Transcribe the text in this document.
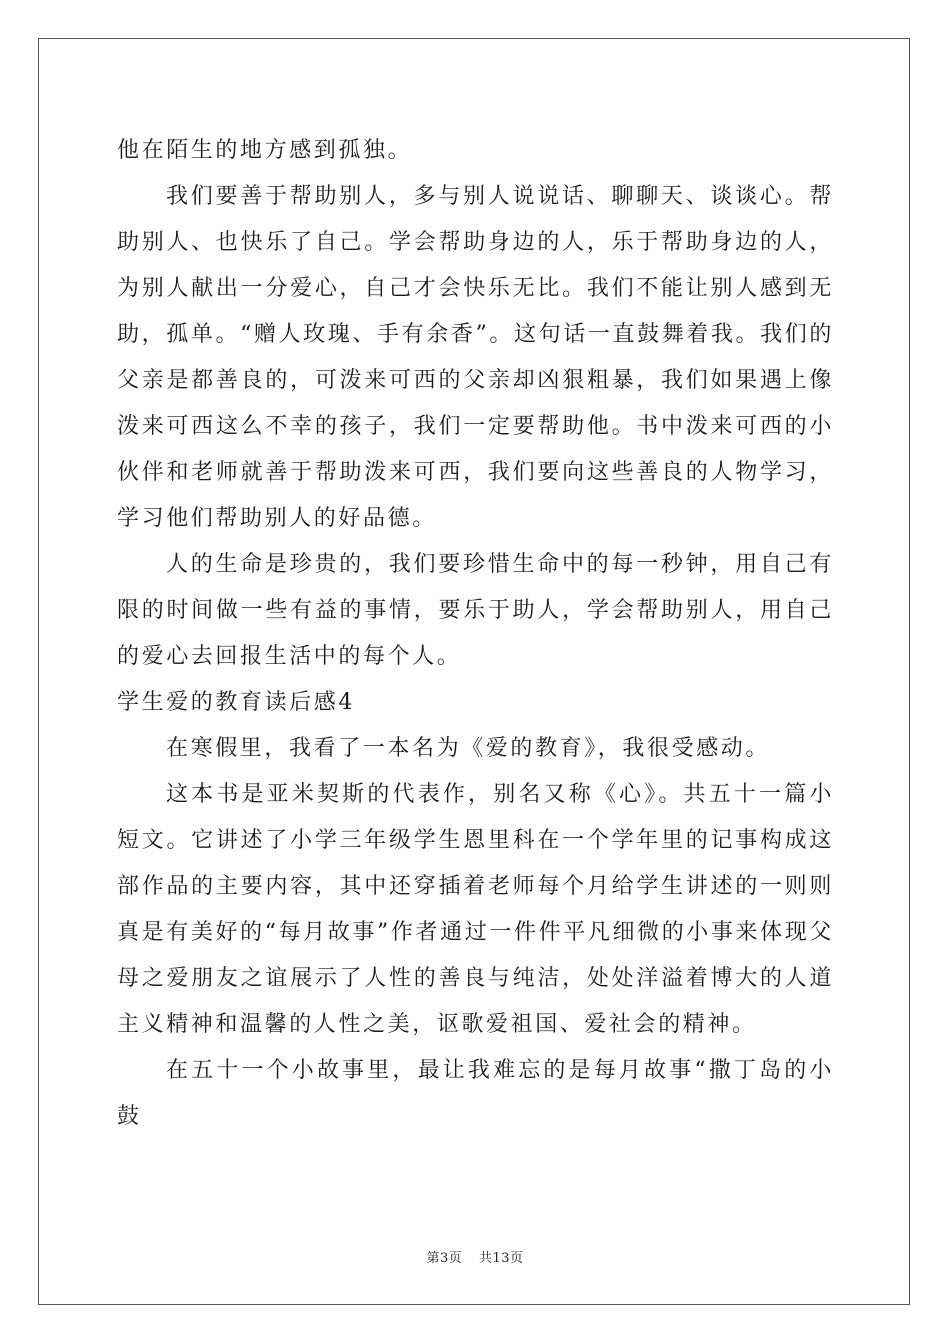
他在陌生的地方感到孤独。

我们要善于帮助别人，多与别人说说话、聊聊天、谈谈心。帮助别人、也快乐了自己。学会帮助身边的人，乐于帮助身边的人，为别人献出一分爱心，自己才会快乐无比。我们不能让别人感到无助，孤单。“赠人玫瑰、手有余香”。这句话一直鼓舞着我。我们的父亲是都善良的，可泼来可西的父亲却凶狠粗暴，我们如果遇上像泼来可西这么不幸的孩子，我们一定要帮助他。书中泼来可西的小伙伴和老师就善于帮助泼来可西，我们要向这些善良的人物学习，学习他们帮助别人的好品德。

人的生命是珍贵的，我们要珍惜生命中的每一秒钟，用自己有限的时间做一些有益的事情，要乐于助人，学会帮助别人，用自己的爱心去回报生活中的每个人。

学生爱的教育读后感4

在寒假里，我看了一本名为《爱的教育》，我很受感动。

这本书是亚米契斯的代表作，别名又称《心》。共五十一篇小短文。它讲述了小学三年级学生恩里科在一个学年里的记事构成这部作品的主要内容，其中还穿插着老师每个月给学生讲述的一则则真是有美好的“每月故事”作者通过一件件平凡细微的小事来体现父母之爱朋友之谊展示了人性的善良与纯洁，处处洋溢着博大的人道主义精神和温馨的人性之美，讴歌爱祖国、爱社会的精神。

在五十一个小故事里，最让我难忘的是每月故事“撒丁岛的小鼓

第3页 共13页
